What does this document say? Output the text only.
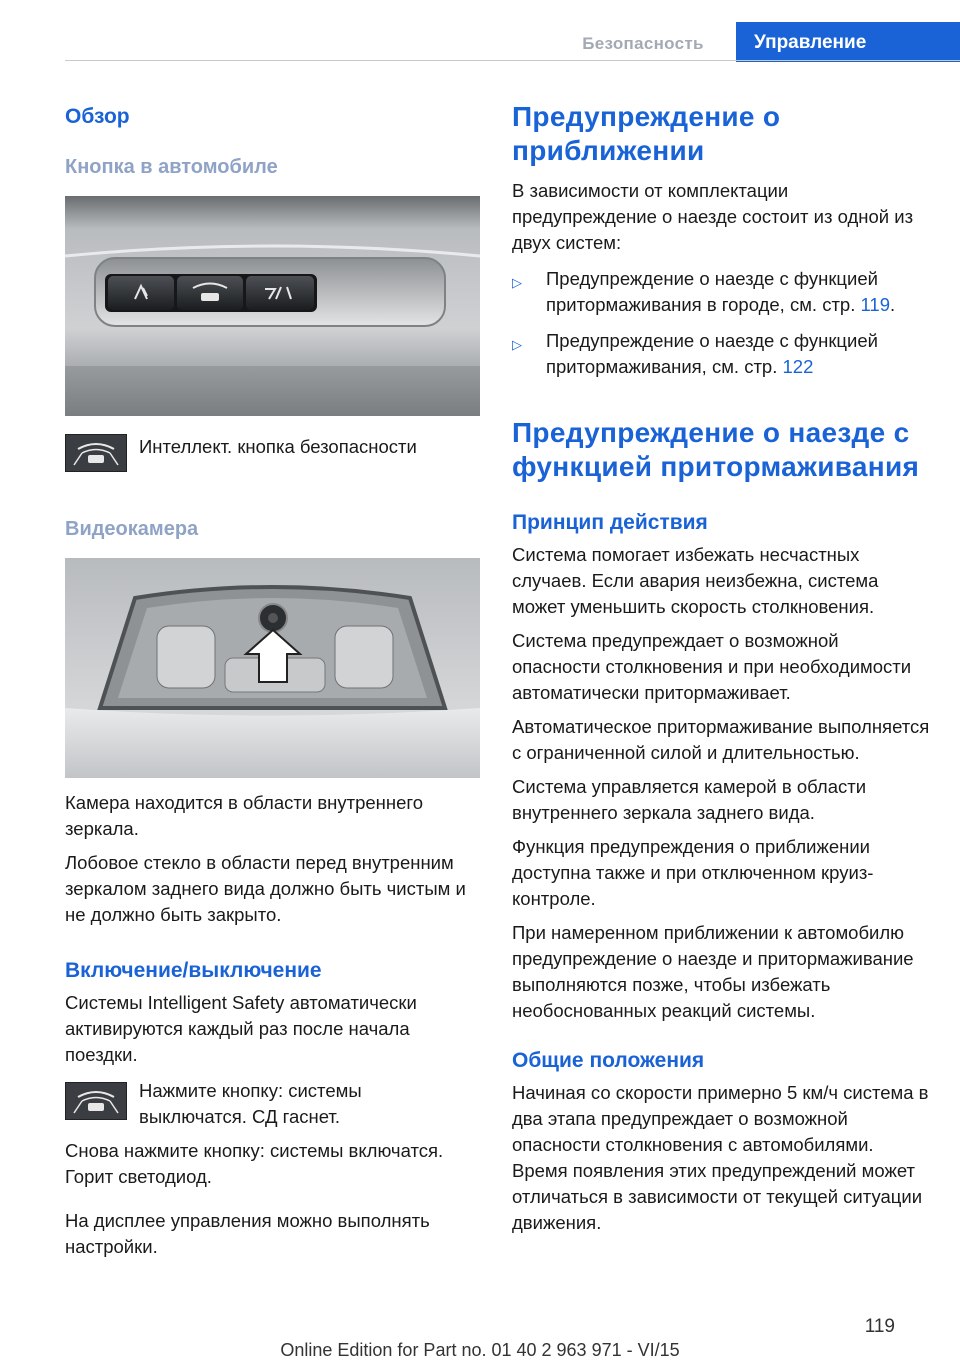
Безопасность	Управление
Обзор
Кнопка в автомобиле

Интеллект. кнопка безопасности

Видеокамера

Камера находится в области внутреннего зеркала.

Лобовое стекло в области перед внутренним зеркалом заднего вида должно быть чистым и не должно быть закрыто.

Включение/выключение

Системы Intelligent Safety автоматически активируются каждый раз после начала поездки.

Нажмите кнопку: системы выключатся. СД гаснет.

Снова нажмите кнопку: системы включатся. Горит светодиод.

На дисплее управления можно выполнять настройки.

Предупреждение о приближении

В зависимости от комплектации предупреждение о наезде состоит из одной из двух систем:

▷ Предупреждение о наезде с функцией притормаживания в городе, см. стр. 119.
▷ Предупреждение о наезде с функцией притормаживания, см. стр. 122
Предупреждение о наезде с функцией притормаживания
Принцип действия

Система помогает избежать несчастных случаев. Если авария неизбежна, система может уменьшить скорость столкновения.

Система предупреждает о возможной опасности столкновения и при необходимости автоматически притормаживает.

Автоматическое притормаживание выполняется с ограниченной силой и длительностью.

Система управляется камерой в области внутреннего зеркала заднего вида.

Функция предупреждения о приближении доступна также и при отключенном круиз-контроле.

При намеренном приближении к автомобилю предупреждение о наезде и притормаживание выполняются позже, чтобы избежать необоснованных реакций системы.

Общие положения

Начиная со скорости примерно 5 км/ч система в два этапа предупреждает о возможной опасности столкновения с автомобилями. Время появления этих предупреждений может отличаться в зависимости от текущей ситуации движения.

119
Online Edition for Part no. 01 40 2 963 971 - VI/15
